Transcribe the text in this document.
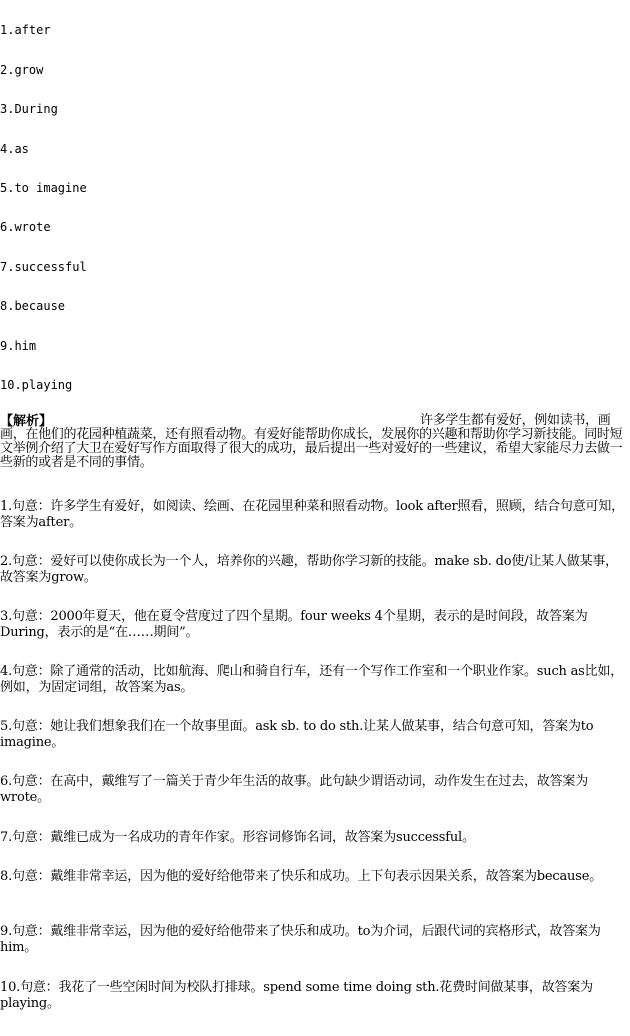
1.after
2.grow
3.During
4.as
5.to imagine
6.wrote
7.successful
8.because
9.him
10.playing
【解析】	许多学生都有爱好，例如读书，画画，在他们的花园种植蔬菜，还有照看动物。有爱好能帮助你成长，发展你的兴趣和帮助你学习新技能。同时短文举例介绍了大卫在爱好写作方面取得了很大的成功，最后提出一些对爱好的一些建议，希望大家能尽力去做一些新的或者是不同的事情。
1.句意：许多学生有爱好，如阅读、绘画、在花园里种菜和照看动物。look after照看，照顾，结合句意可知，答案为after。
2.句意：爱好可以使你成长为一个人，培养你的兴趣，帮助你学习新的技能。make sb. do使/让某人做某事，故答案为grow。
3.句意：2000年夏天，他在夏令营度过了四个星期。four weeks 4个星期，表示的是时间段，故答案为During，表示的是“在……期间”。
4.句意：除了通常的活动，比如航海、爬山和骑自行车，还有一个写作工作室和一个职业作家。such as比如，例如，为固定词组，故答案为as。
5.句意：她让我们想象我们在一个故事里面。ask sb. to do sth.让某人做某事，结合句意可知，答案为to imagine。
6.句意：在高中，戴维写了一篇关于青少年生活的故事。此句缺少谓语动词，动作发生在过去，故答案为wrote。
7.句意：戴维已成为一名成功的青年作家。形容词修饰名词，故答案为successful。
8.句意：戴维非常幸运，因为他的爱好给他带来了快乐和成功。上下句表示因果关系，故答案为because。
9.句意：戴维非常幸运，因为他的爱好给他带来了快乐和成功。to为介词，后跟代词的宾格形式，故答案为him。
10.句意：我花了一些空闲时间为校队打排球。spend some time doing sth.花费时间做某事，故答案为playing。
